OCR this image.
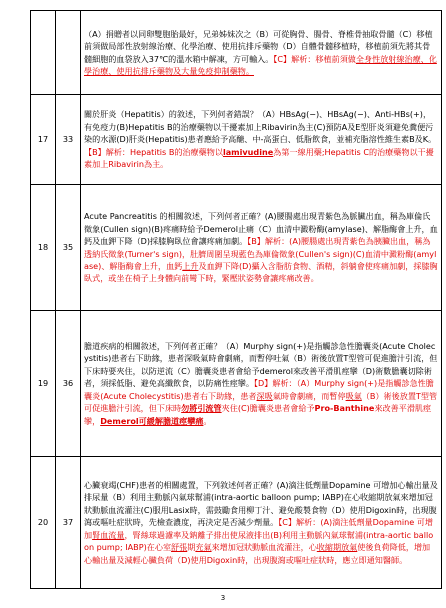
		（A）捐贈者以同卵雙胞胎最好，兄弟姊妹次之（B）可從胸骨、腸骨、脊椎骨抽取骨髓（C）移植前須做局部性放射線治療、化學治療、使用抗排斥藥物（D）自體骨髓移植時，移植前須先將其骨髓細胞的血袋放入37℃的溫水箱中解凍，方可輸入。【C】解析：移植前須做全身性放射線治療、化學治療、使用抗排斥藥物及大量免疫抑制藥物。
17	33	關於肝炎（Hepatitis）的敘述，下列何者錯誤？（A）HBsAg(−)、HBsAg(−)、Anti-HBs(+)，有免疫力(B)Hepatitis B的治療藥物以干擾素加上Ribavirin為主(C)預防A及E型肝炎須避免糞便污染的水源(D)肝炎(Hepatitis)患者應給予高醣、中-高蛋白、低脂飲食，並補充脂溶性維生素B及K。 【B】解析：Hepatitis B的治療藥物以lamivudine為第一線用藥;Hepatitis C的治療藥物以干擾素加上Ribavirin為主。
18	35	Acute Pancreatitis 的相關敘述，下列何者正確？(A)腰腸處出現青紫色為脈臟出血，稱為庫倫氏徵象(Cullen sign)(B)疼痛時給予Demerol止痛（C）血清中澱粉酶(amylase)、解脂酶會上升，血鈣及血鉀下降（D)採膝胸臥位會讓疼痛加劇。【B】解析：(A)腰腸處出現青紫色為胰臟出血，稱為透納氏徵象(Turner's sign)，肚臍周圍呈現藍色為庫倫徵象(Cullen's sign)(C)血清中澱粉酶(amylase)、解脂酶會上升，血鈣上升及血鉀下降(D)攝入含脂肪食物、酒精，斜躺會使疼痛加劇，採膝胸臥式，或坐在椅子上身體向前彎下時，緊壓狀姿勢會讓疼痛改善。
19	36	膽道疾病的相關敘述，下列何者正確？（A）Murphy sign(+)是指觸診急性膽囊炎(Acute Cholecystitis)患者右下助緣，患者深吸氣時會劇痛，而暫停吐氣（B）術後放置T型管可促進膽汁引流，但下床時要夾住，以防逆流（C）膽囊炎患者會給予demerol來改善平滑肌痙攣（D)術數膽囊切除術者，須採低脂、避免高纖飲食，以防痛性痙攣。【D】解析：（A）Murphy sign(+)是指觸診急性膽囊炎(Acute Cholecystitis)患者右下助緣，患者深吸氣時會劇痛，而暫停吸氣（B）術後放置T型管可促進膽汁引流，但下床時勿將引流管夾住(C)膽囊炎患者會給予Pro-Banthine來改善平滑肌痙攣，Demerol可緩解膽道痙攣痛。
20	37	心臟衰竭(CHF)患者的相關處置，下列敘述何者正確？(A)滴注低劑量Dopamine 可增加心輸出量及排尿量（B）利用主動脈內氣球幫浦(intra-aortic balloon pump; IABP)在心收縮期放氣來增加冠狀動脈血流灌注(C)服用Lasix時，需鼓勵食用柳丁汁、避免酸製食物（D）使用Digoxin時，出現腹瀉或嘔吐症狀時，先檢查濃度，再決定是否減少劑量。【C】解析：(A)滴注低劑量Dopamine 可增加腎血流量，腎絲球過濾率及鈉離子排出使尿液排出(B)利用主動脈內氣球幫浦(intra-aortic balloon pump; IABP)在心室舒張期充氣來增加冠狀動脈血流灌注，心收縮期放氣使後負荷降低，增加心輸出量及減輕心臟負荷（D)使用Digoxin時，出現腹瀉或嘔吐症狀時，應立即通知醫師。
3
